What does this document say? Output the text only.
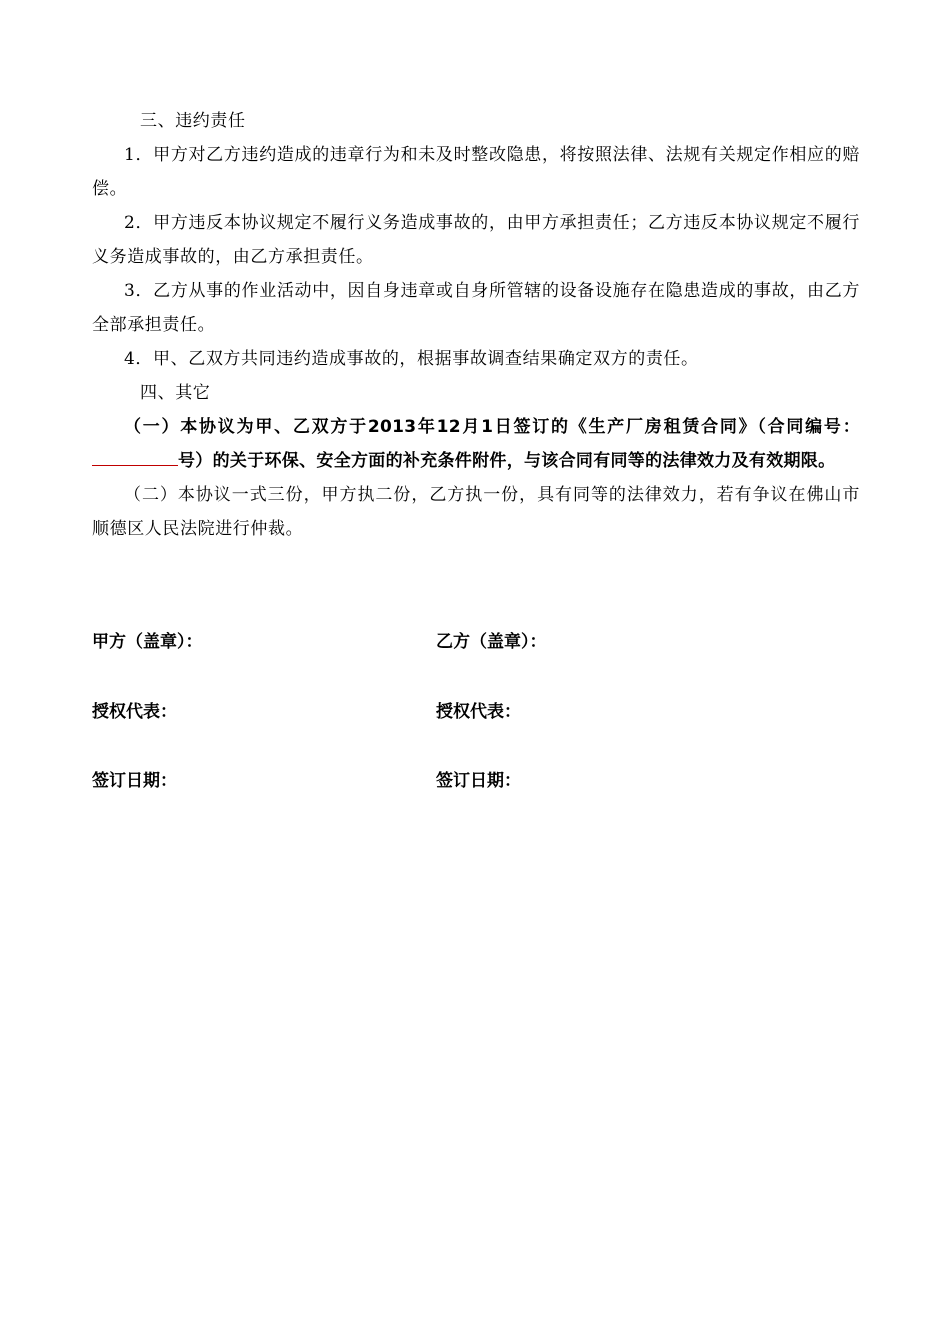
三、违约责任

1．甲方对乙方违约造成的违章行为和未及时整改隐患，将按照法律、法规有关规定作相应的赔偿。

2．甲方违反本协议规定不履行义务造成事故的，由甲方承担责任；乙方违反本协议规定不履行义务造成事故的，由乙方承担责任。

3．乙方从事的作业活动中，因自身违章或自身所管辖的设备设施存在隐患造成的事故，由乙方全部承担责任。

4．甲、乙双方共同违约造成事故的，根据事故调查结果确定双方的责任。

四、其它

（一）本协议为甲、乙双方于2013年12月1日签订的《生产厂房租赁合同》（合同编号：号）的关于环保、安全方面的补充条件附件，与该合同有同等的法律效力及有效期限。

（二）本协议一式三份，甲方执二份，乙方执一份，具有同等的法律效力，若有争议在佛山市顺德区人民法院进行仲裁。

甲方（盖章）：	乙方（盖章）：
授权代表：	授权代表：
签订日期：	签订日期：
